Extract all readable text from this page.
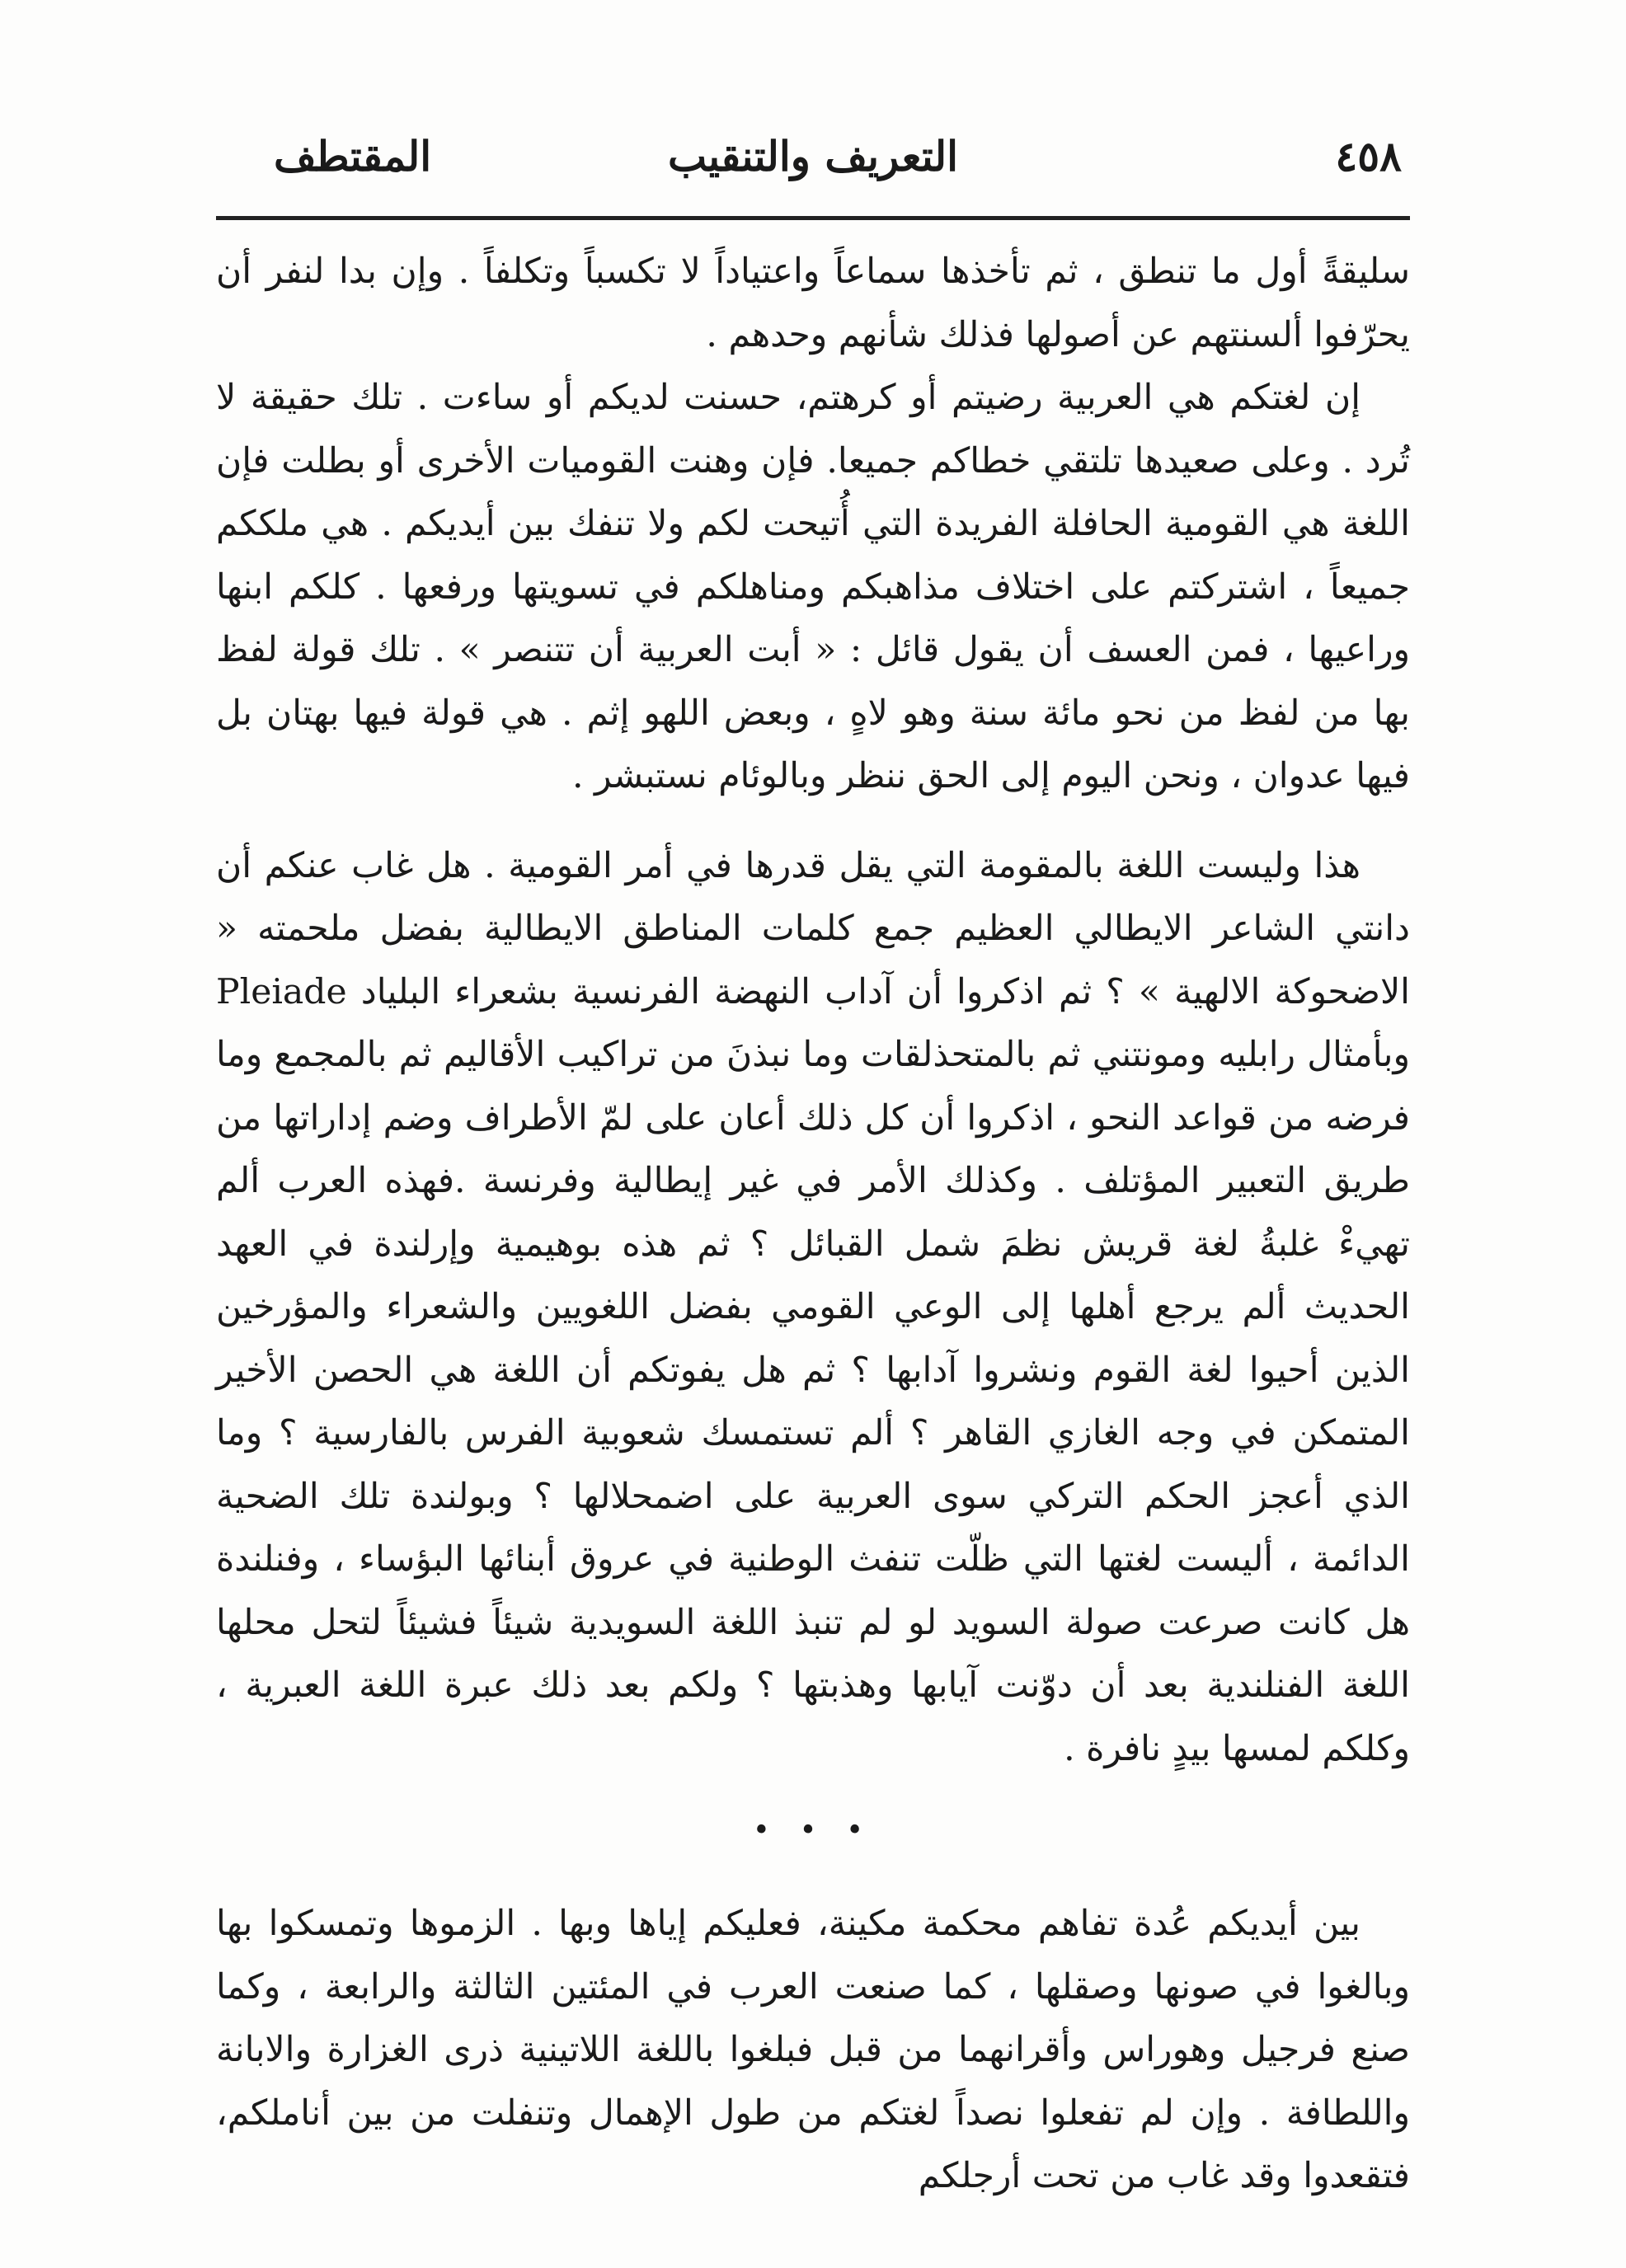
٤٥٨
التعريف والتنقيب
المقتطف

سليقةً أول ما تنطق ، ثم تأخذها سماعاً واعتياداً لا تكسباً وتكلفاً . وإن بدا لنفر أن يحرّفوا ألسنتهم عن أصولها فذلك شأنهم وحدهم .

إن لغتكم هي العربية رضيتم أو كرهتم، حسنت لديكم أو ساءت . تلك حقيقة لا تُرد . وعلى صعيدها تلتقي خطاكم جميعا. فإن وهنت القوميات الأخرى أو بطلت فإن اللغة هي القومية الحافلة الفريدة التي أُتيحت لكم ولا تنفك بين أيديكم . هي ملككم جميعاً ، اشتركتم على اختلاف مذاهبكم ومناهلكم في تسويتها ورفعها . كلكم ابنها وراعيها ، فمن العسف أن يقول قائل : « أبت العربية أن تتنصر » . تلك قولة لفظ بها من لفظ من نحو مائة سنة وهو لاهٍ ، وبعض اللهو إثم . هي قولة فيها بهتان بل فيها عدوان ، ونحن اليوم إلى الحق ننظر وبالوئام نستبشر .

هذا وليست اللغة بالمقومة التي يقل قدرها في أمر القومية . هل غاب عنكم أن دانتي الشاعر الايطالي العظيم جمع كلمات المناطق الايطالية بفضل ملحمته « الاضحوكة الالهية » ؟ ثم اذكروا أن آداب النهضة الفرنسية بشعراء البلياد Pleiade وبأمثال رابليه ومونتني ثم بالمتحذلقات وما نبذنَ من تراكيب الأقاليم ثم بالمجمع وما فرضه من قواعد النحو ، اذكروا أن كل ذلك أعان على لمّ الأطراف وضم إداراتها من طريق التعبير المؤتلف . وكذلك الأمر في غير إيطالية وفرنسة .فهذه العرب ألم تهيءْ غلبةُ لغة قريش نظمَ شمل القبائل ؟ ثم هذه بوهيمية وإرلندة في العهد الحديث ألم يرجع أهلها إلى الوعي القومي بفضل اللغويين والشعراء والمؤرخين الذين أحيوا لغة القوم ونشروا آدابها ؟ ثم هل يفوتكم أن اللغة هي الحصن الأخير المتمكن في وجه الغازي القاهر ؟ ألم تستمسك شعوبية الفرس بالفارسية ؟ وما الذي أعجز الحكم التركي سوى العربية على اضمحلالها ؟ وبولندة تلك الضحية الدائمة ، أليست لغتها التي ظلّت تنفث الوطنية في عروق أبنائها البؤساء ، وفنلندة هل كانت صرعت صولة السويد لو لم تنبذ اللغة السويدية شيئاً فشيئاً لتحل محلها اللغة الفنلندية بعد أن دوّنت آيابها وهذبتها ؟ ولكم بعد ذلك عبرة اللغة العبرية ، وكلكم لمسها بيدٍ نافرة .

• • •

بين أيديكم عُدة تفاهم محكمة مكينة، فعليكم إياها وبها . الزموها وتمسكوا بها وبالغوا في صونها وصقلها ، كما صنعت العرب في المئتين الثالثة والرابعة ، وكما صنع فرجيل وهوراس وأقرانهما من قبل فبلغوا باللغة اللاتينية ذرى الغزارة والابانة واللطافة . وإن لم تفعلوا نصداً لغتكم من طول الإهمال وتنفلت من بين أناملكم، فتقعدوا وقد غاب من تحت أرجلكم
